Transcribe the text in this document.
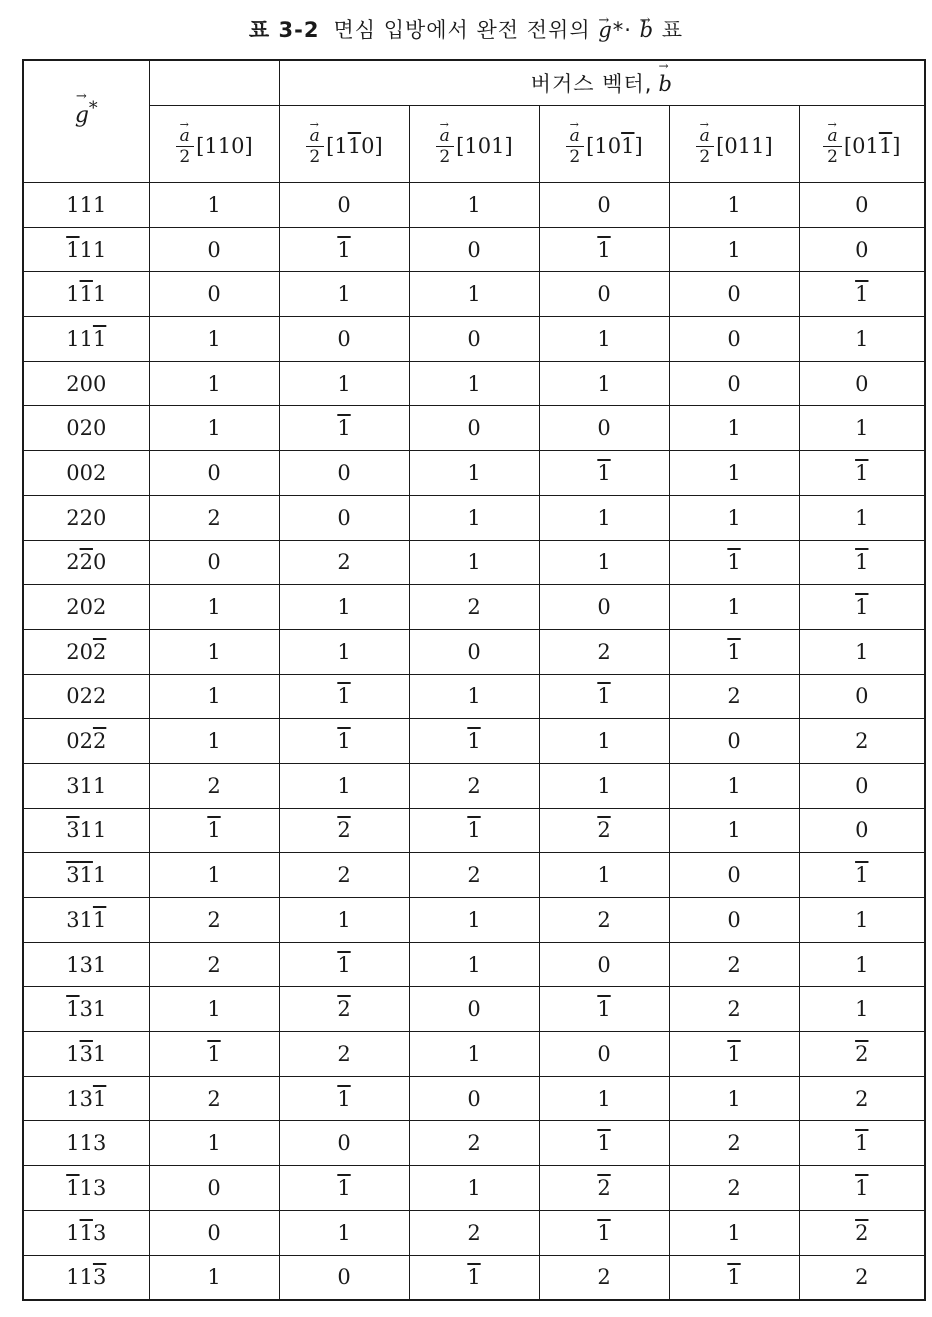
표 3-2 면심 입방에서 완전 전위의 → g*· → b 표
→ g*		버거스 벡터, → b

	→ $\frac{a}{2} [110]$	→ $\frac{a}{2} [110]$	→ $\frac{a}{2} [101]$	→ $\frac{a}{2} [101]$	→ $\frac{a}{2} [011]$	→ $\frac{a}{2} [011]$

111	1	0	1	0	1	0
111	0	1	0	1	1	0
111	0	1	1	0	0	1
111	1	0	0	1	0	1
200	1	1	1	1	0	0
020	1	1	0	0	1	1
002	0	0	1	1	1	1
220	2	0	1	1	1	1
220	0	2	1	1	1	1
202	1	1	2	0	1	1
202	1	1	0	2	1	1
022	1	1	1	1	2	0
022	1	1	1	1	0	2
311	2	1	2	1	1	0
311	1	2	1	2	1	0
311	1	2	2	1	0	1
311	2	1	1	2	0	1
131	2	1	1	0	2	1
131	1	2	0	1	2	1
131	1	2	1	0	1	2
131	2	1	0	1	1	2
113	1	0	2	1	2	1
113	0	1	1	2	2	1
113	0	1	2	1	1	2
113	1	0	1	2	1	2
